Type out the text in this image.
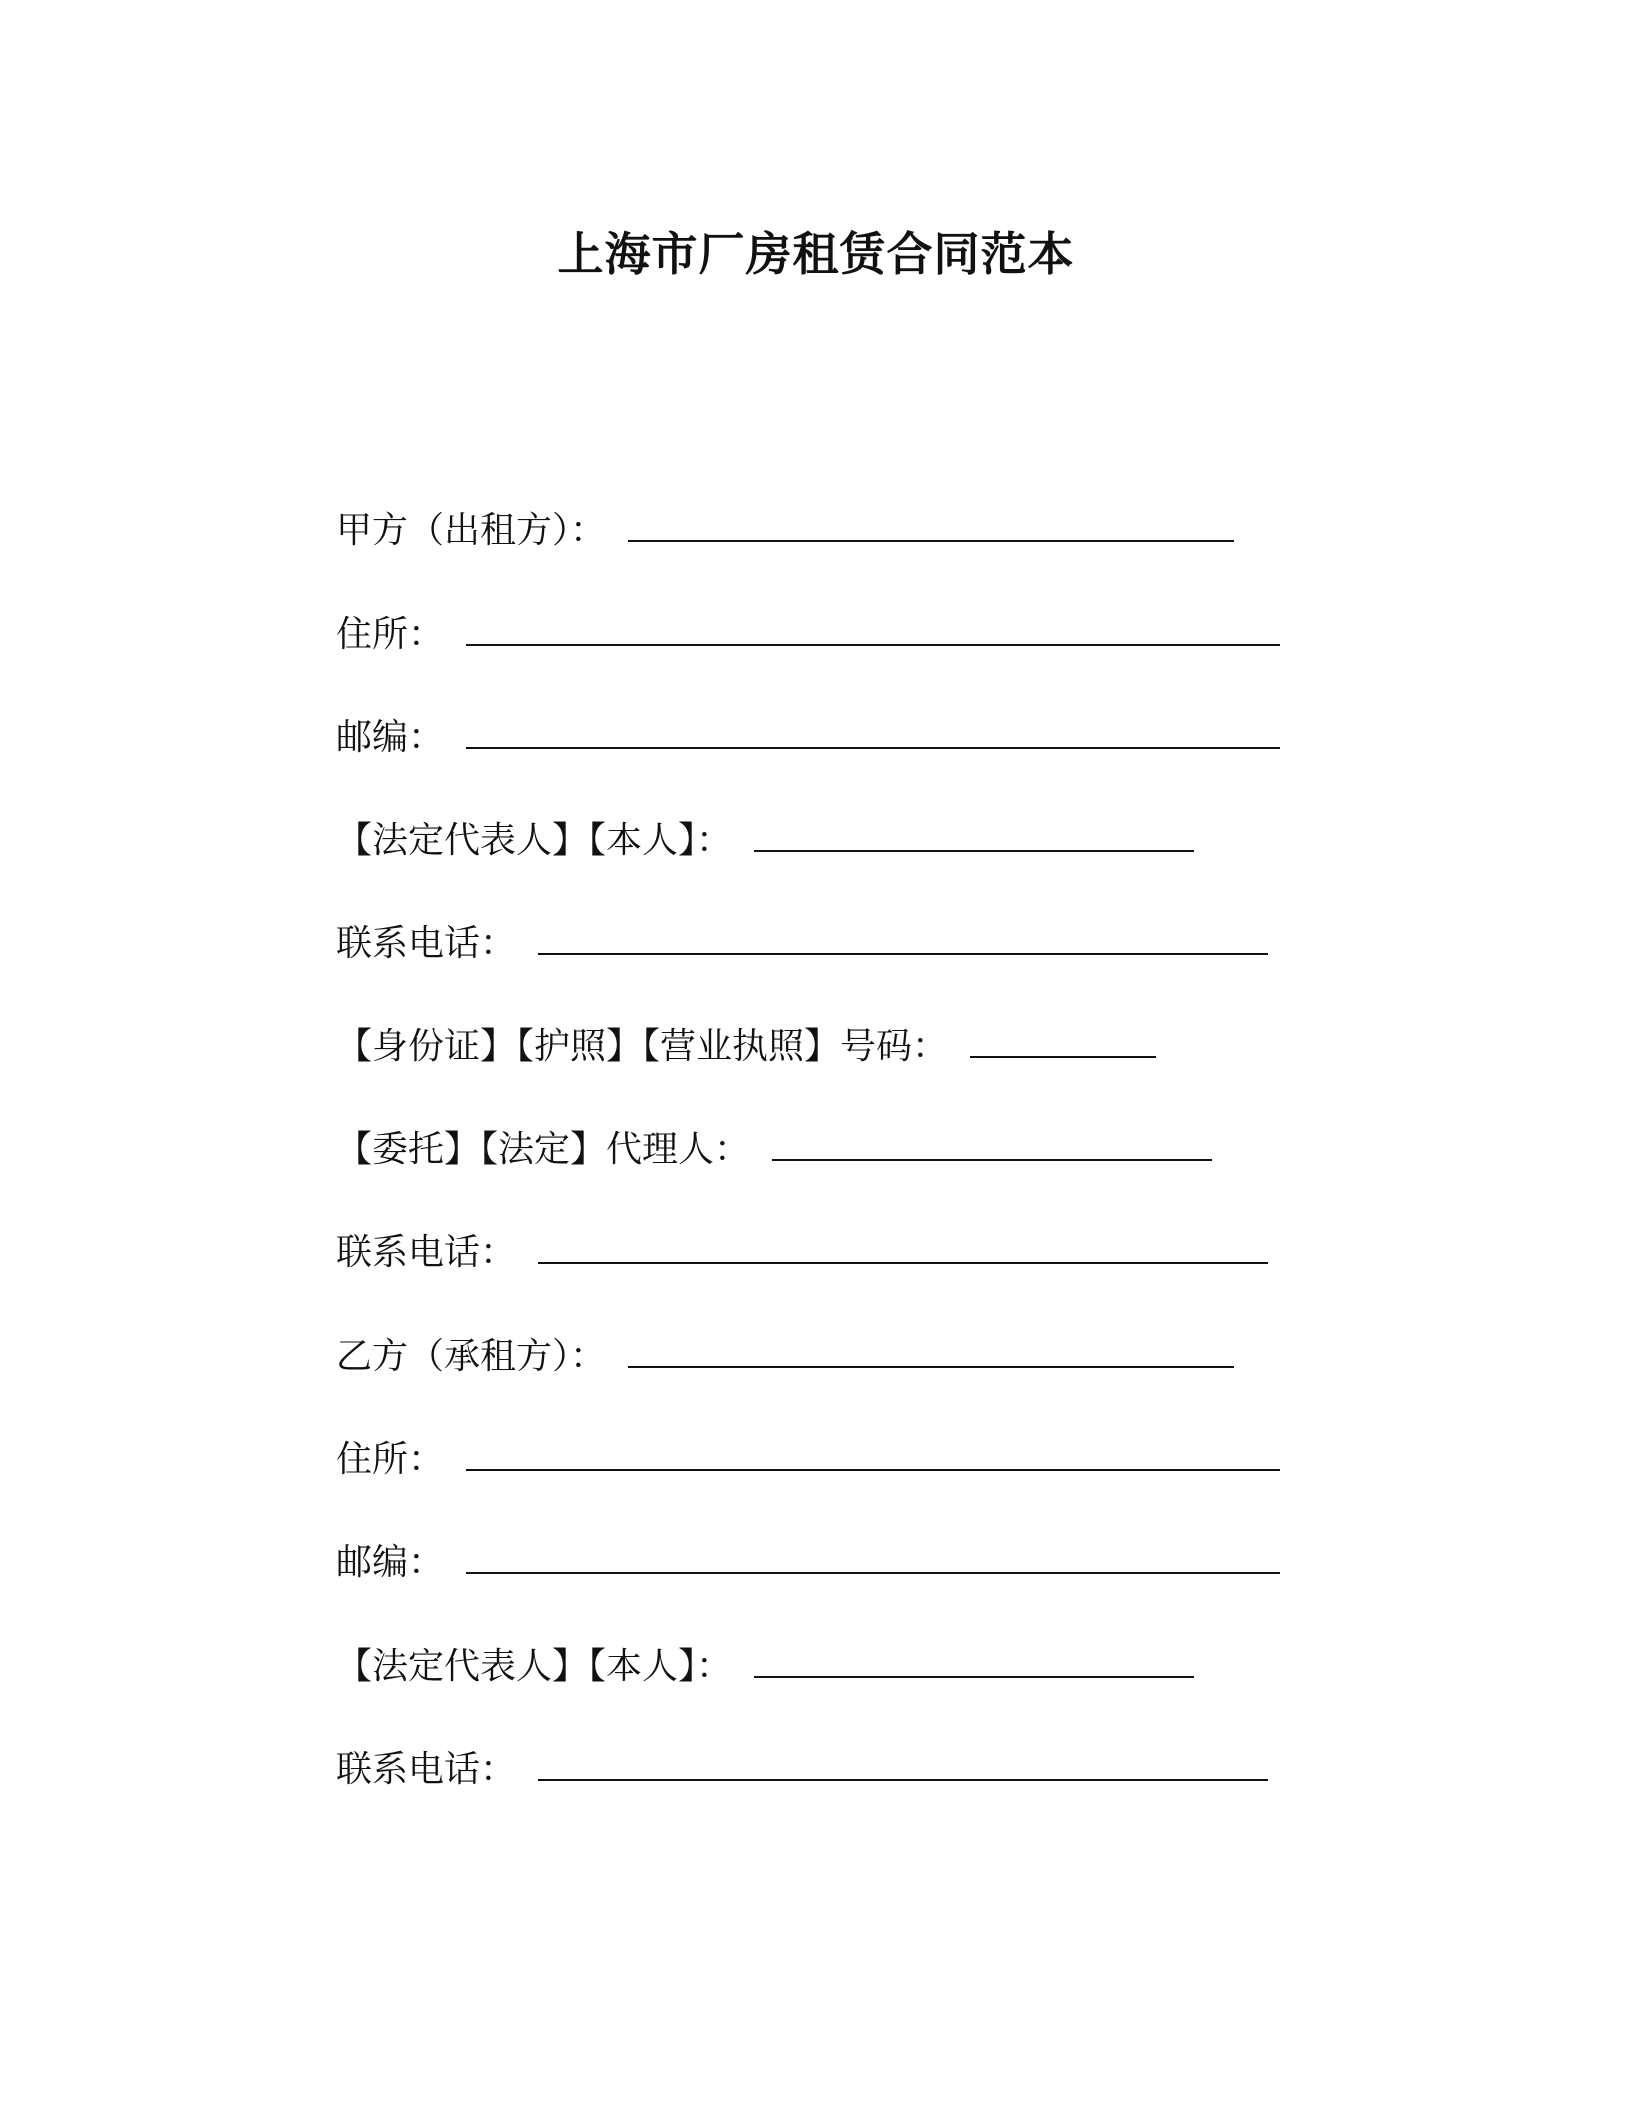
上海市厂房租赁合同范本
甲方（出租方）：
住所：
邮编：
【法定代表人】【本人】：
联系电话：
【身份证】【护照】【营业执照】号码：
【委托】【法定】代理人：
联系电话：
乙方（承租方）：
住所：
邮编：
【法定代表人】【本人】：
联系电话：
